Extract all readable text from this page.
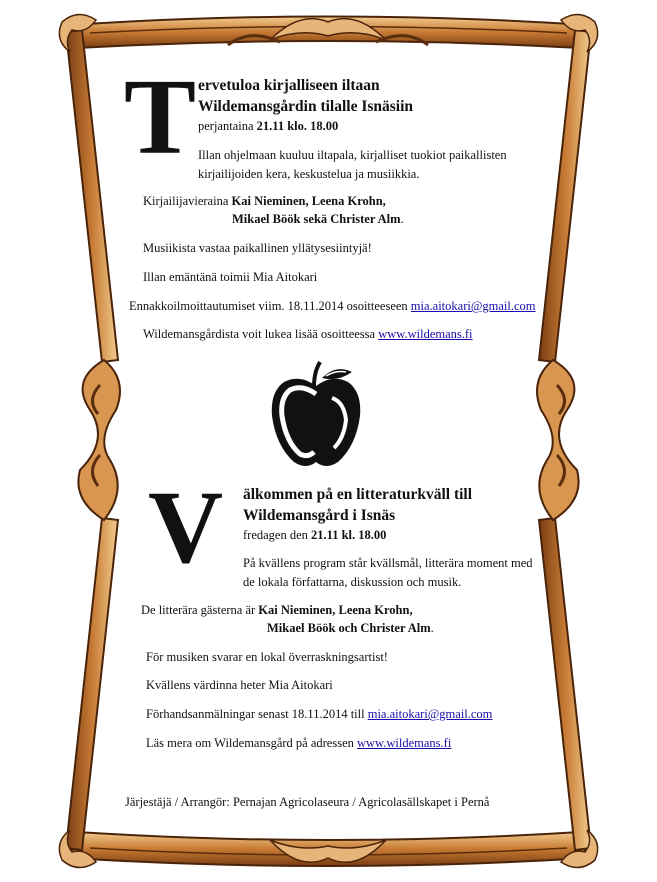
T ervetuloa kirjalliseen iltaan
Wildemansgårdin tilalle Isnäsiin
perjantaina 21.11 klo. 18.00
Illan ohjelmaan kuuluu iltapala, kirjalliset tuokiot paikallisten
kirjailijoiden kera, keskustelua ja musiikkia.
Kirjailijavieraina Kai Nieminen, Leena Krohn,
Mikael Böök sekä Christer Alm.
Musiikista vastaa paikallinen yllätysesiintyjä!
Illan emäntänä toimii Mia Aitokari
Ennakkoilmoittautumiset viim. 18.11.2014 osoitteeseen mia.aitokari@gmail.com
Wildemansgårdista voit lukea lisää osoitteessa www.wildemans.fi
V älkommen på en litteraturkväll till
Wildemansgård i Isnäs
fredagen den 21.11 kl. 18.00
På kvällens program står kvällsmål, litterära moment med
de lokala författarna, diskussion och musik.
De litterära gästerna är Kai Nieminen, Leena Krohn,
Mikael Böök och Christer Alm.
För musiken svarar en lokal överraskningsartist!
Kvällens värdinna heter Mia Aitokari
Förhandsanmälningar senast 18.11.2014 till mia.aitokari@gmail.com
Läs mera om Wildemansgård på adressen www.wildemans.fi
Järjestäjä / Arrangör: Pernajan Agricolaseura / Agricolasällskapet i Pernå
